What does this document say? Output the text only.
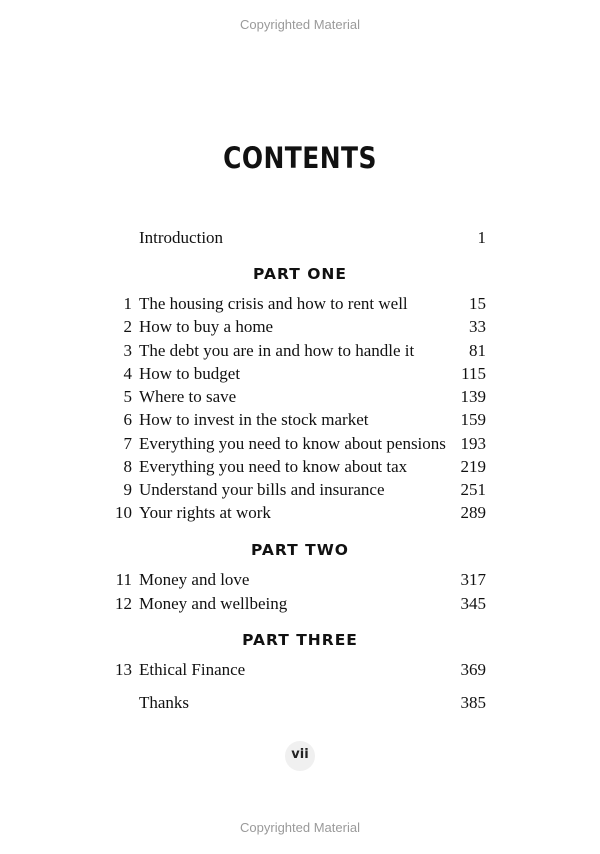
Copyrighted Material
CONTENTS
Introduction	1
PART ONE
1 The housing crisis and how to rent well	15
2 How to buy a home	33
3 The debt you are in and how to handle it	81
4 How to budget	115
5 Where to save	139
6 How to invest in the stock market	159
7 Everything you need to know about pensions 193
8 Everything you need to know about tax	219
9 Understand your bills and insurance	251
10 Your rights at work	289
PART TWO
11 Money and love	317
12 Money and wellbeing	345
PART THREE
13 Ethical Finance	369
Thanks	385
vii
Copyrighted Material
